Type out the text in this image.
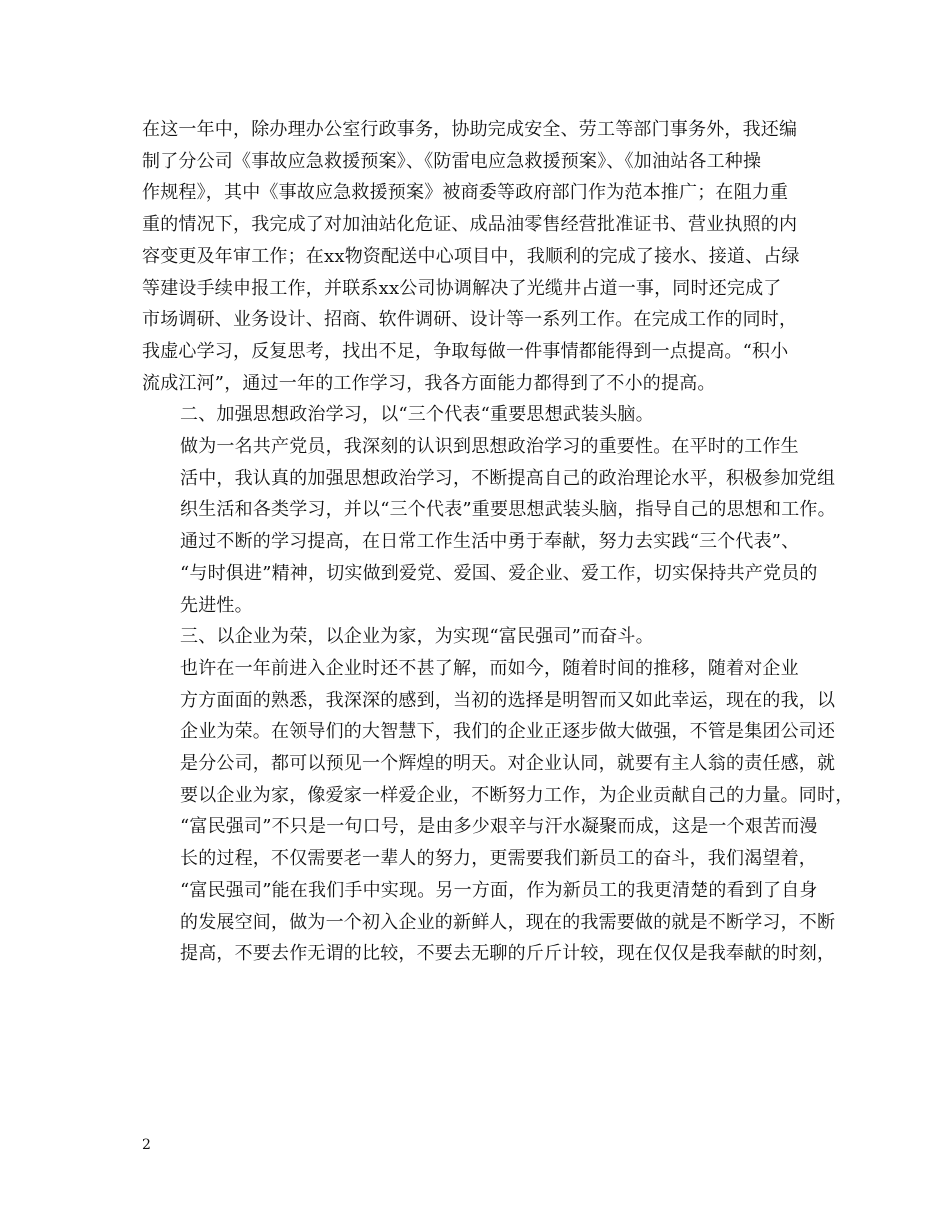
在这一年中，除办理办公室行政事务，协助完成安全、劳工等部门事务外，我还编
制了分公司《事故应急救援预案》、《防雷电应急救援预案》、《加油站各工种操
作规程》，其中《事故应急救援预案》被商委等政府部门作为范本推广；在阻力重
重的情况下，我完成了对加油站化危证、成品油零售经营批准证书、营业执照的内
容变更及年审工作；在xx物资配送中心项目中，我顺利的完成了接水、接道、占绿
等建设手续申报工作，并联系xx公司协调解决了光缆井占道一事，同时还完成了
市场调研、业务设计、招商、软件调研、设计等一系列工作。在完成工作的同时，
我虚心学习，反复思考，找出不足，争取每做一件事情都能得到一点提高。“积小
流成江河”，通过一年的工作学习，我各方面能力都得到了不小的提高。

二、加强思想政治学习，以“三个代表“重要思想武装头脑。

做为一名共产党员，我深刻的认识到思想政治学习的重要性。在平时的工作生
活中，我认真的加强思想政治学习，不断提高自己的政治理论水平，积极参加党组
织生活和各类学习，并以“三个代表”重要思想武装头脑，指导自己的思想和工作。
通过不断的学习提高，在日常工作生活中勇于奉献，努力去实践“三个代表”、
“与时俱进”精神，切实做到爱党、爱国、爱企业、爱工作，切实保持共产党员的
先进性。

三、以企业为荣，以企业为家，为实现“富民强司”而奋斗。

也许在一年前进入企业时还不甚了解，而如今，随着时间的推移，随着对企业
方方面面的熟悉，我深深的感到，当初的选择是明智而又如此幸运，现在的我，以
企业为荣。在领导们的大智慧下，我们的企业正逐步做大做强，不管是集团公司还
是分公司，都可以预见一个辉煌的明天。对企业认同，就要有主人翁的责任感，就
要以企业为家，像爱家一样爱企业，不断努力工作，为企业贡献自己的力量。同时，
“富民强司”不只是一句口号，是由多少艰辛与汗水凝聚而成，这是一个艰苦而漫
长的过程，不仅需要老一辈人的努力，更需要我们新员工的奋斗，我们渴望着，
“富民强司”能在我们手中实现。另一方面，作为新员工的我更清楚的看到了自身
的发展空间，做为一个初入企业的新鲜人，现在的我需要做的就是不断学习，不断
提高，不要去作无谓的比较，不要去无聊的斤斤计较，现在仅仅是我奉献的时刻，

2
